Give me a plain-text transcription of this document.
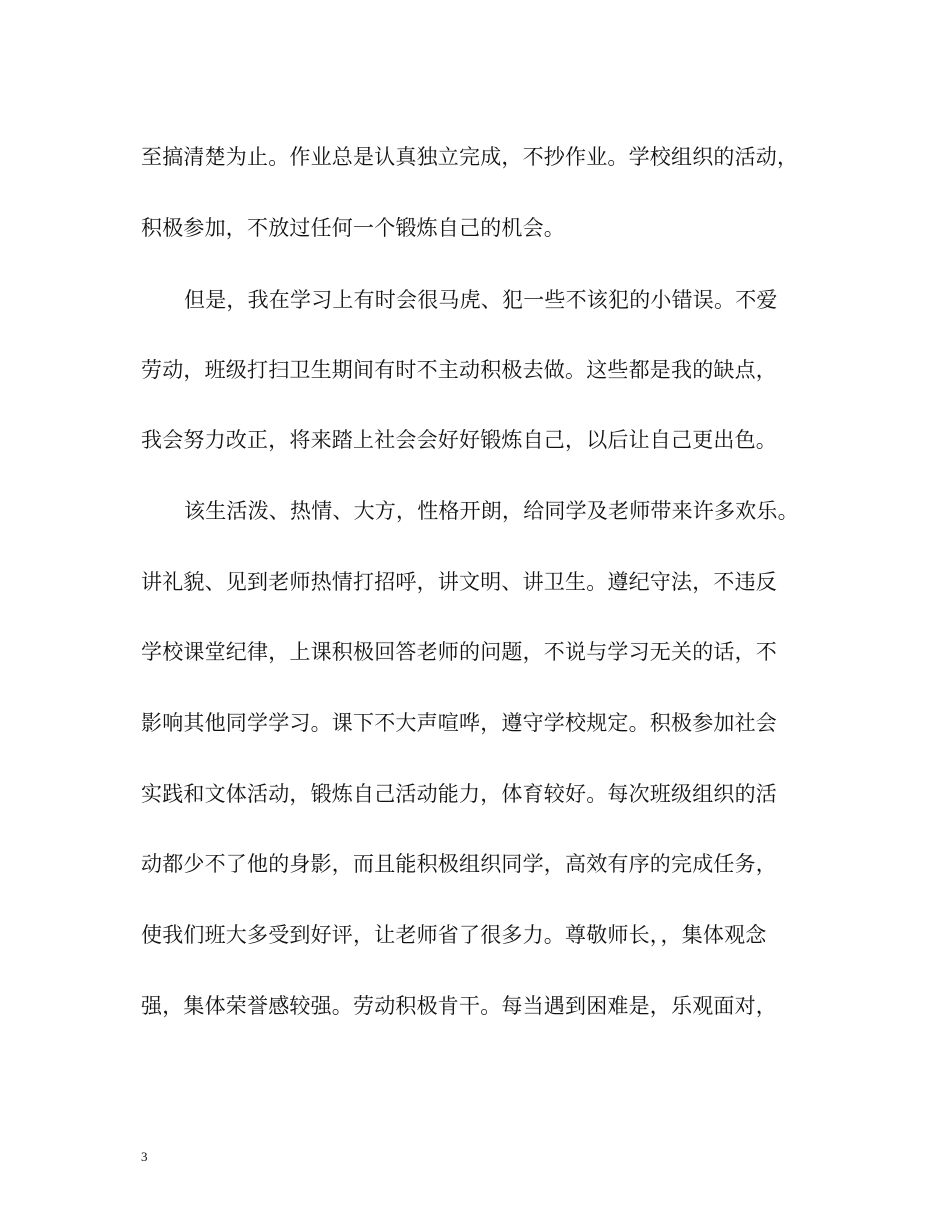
至搞清楚为止。作业总是认真独立完成，不抄作业。学校组织的活动，
积极参加，不放过任何一个锻炼自己的机会。
但是，我在学习上有时会很马虎、犯一些不该犯的小错误。不爱
劳动，班级打扫卫生期间有时不主动积极去做。这些都是我的缺点，
我会努力改正，将来踏上社会会好好锻炼自己，以后让自己更出色。
该生活泼、热情、大方，性格开朗，给同学及老师带来许多欢乐。
讲礼貌、见到老师热情打招呼，讲文明、讲卫生。遵纪守法，不违反
学校课堂纪律，上课积极回答老师的问题，不说与学习无关的话，不
影响其他同学学习。课下不大声喧哗，遵守学校规定。积极参加社会
实践和文体活动，锻炼自己活动能力，体育较好。每次班级组织的活
动都少不了他的身影，而且能积极组织同学，高效有序的完成任务，
使我们班大多受到好评，让老师省了很多力。尊敬师长，，集体观念
强，集体荣誉感较强。劳动积极肯干。每当遇到困难是，乐观面对，
3
